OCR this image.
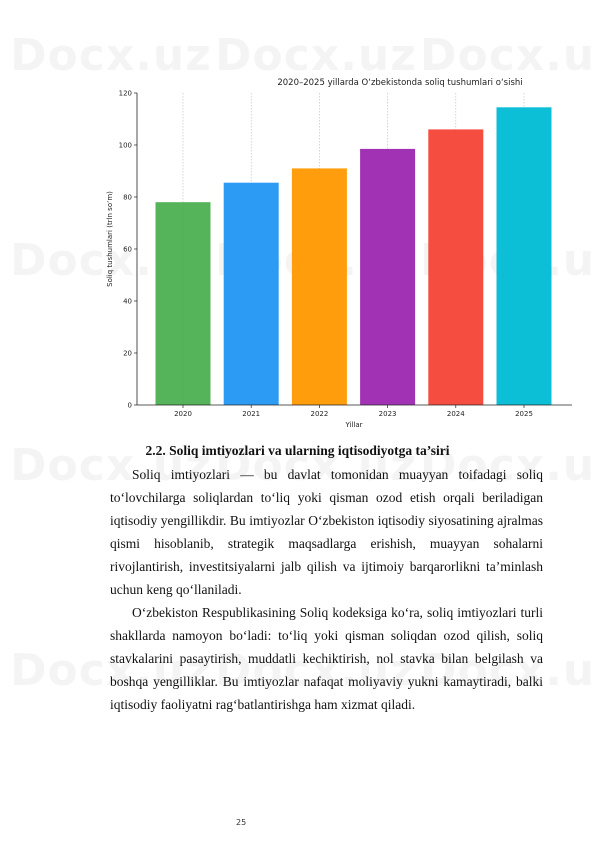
0
20
40
60
80
100
120
2020	2021	2022	2023	2024	2025
2020–2025 yillarda O‘zbekistonda soliq tushumlari o‘sishi
Yillar
Soliq tushumlari (trln so‘m)
2.2. Soliq imtiyozlari va ularning iqtisodiyotga ta’siri

Soliq imtiyozlari — bu davlat tomonidan muayyan toifadagi soliq to‘lovchilarga soliqlardan to‘liq yoki qisman ozod etish orqali beriladigan iqtisodiy yengillikdir. Bu imtiyozlar O‘zbekiston iqtisodiy siyosatining ajralmas qismi hisoblanib, strategik maqsadlarga erishish, muayyan sohalarni rivojlantirish, investitsiyalarni jalb qilish va ijtimoiy barqarorlikni ta’minlash uchun keng qo‘llaniladi.

O‘zbekiston Respublikasining Soliq kodeksiga ko‘ra, soliq imtiyozlari turli shakllarda namoyon bo‘ladi: to‘liq yoki qisman soliqdan ozod qilish, soliq stavkalarini pasaytirish, muddatli kechiktirish, nol stavka bilan belgilash va boshqa yengilliklar. Bu imtiyozlar nafaqat moliyaviy yukni kamaytiradi, balki iqtisodiy faoliyatni rag‘batlantirishga ham xizmat qiladi.

25
